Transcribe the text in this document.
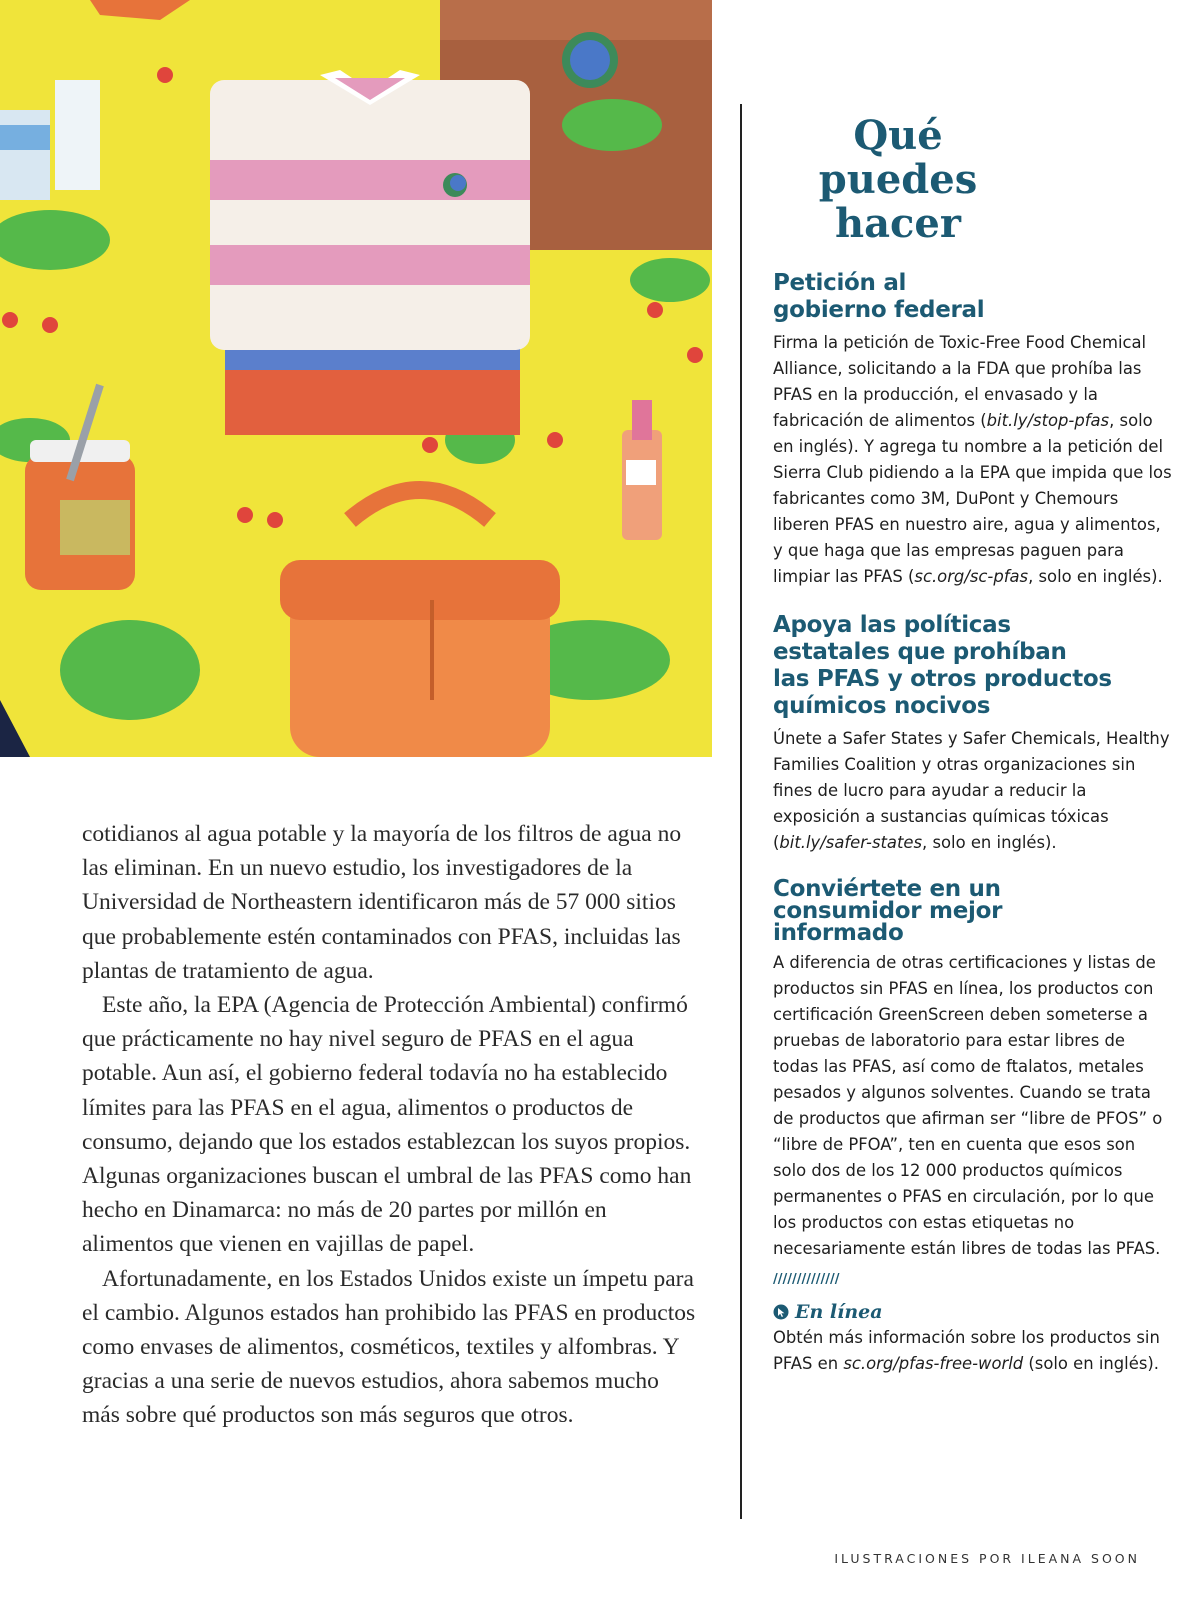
cotidianos al agua potable y la mayoría de los filtros de agua no las eliminan. En un nuevo estudio, los investigadores de la Universidad de Northeastern identificaron más de 57 000 sitios que probablemente estén contaminados con PFAS, incluidas las plantas de tratamiento de agua.

Este año, la EPA (Agencia de Protección Ambiental) confirmó que prácticamente no hay nivel seguro de PFAS en el agua potable. Aun así, el gobierno federal todavía no ha establecido límites para las PFAS en el agua, alimentos o productos de consumo, dejando que los estados establezcan los suyos propios. Algunas organizaciones buscan el umbral de las PFAS como han hecho en Dinamarca: no más de 20 partes por millón en alimentos que vienen en vajillas de papel.

Afortunadamente, en los Estados Unidos existe un ímpetu para el cambio. Algunos estados han prohibido las PFAS en productos como envases de alimentos, cosméticos, textiles y alfombras. Y gracias a una serie de nuevos estudios, ahora sabemos mucho más sobre qué productos son más seguros que otros.

Qué puedes
hacer
Petición al
gobierno federal

Firma la petición de Toxic-Free Food Chemical Alliance, solicitando a la FDA que prohíba las PFAS en la producción, el envasado y la fabricación de alimentos (bit.ly/stop-pfas, solo en inglés). Y agrega tu nombre a la petición del Sierra Club pidiendo a la EPA que impida que los fabricantes como 3M, DuPont y Chemours liberen PFAS en nuestro aire, agua y alimentos, y que haga que las empresas paguen para limpiar las PFAS (sc.org/sc-pfas, solo en inglés).

Apoya las políticas
estatales que prohíban
las PFAS y otros productos
químicos nocivos

Únete a Safer States y Safer Chemicals, Healthy Families Coalition y otras organizaciones sin fines de lucro para ayudar a reducir la exposición a sustancias químicas tóxicas (bit.ly/safer-states, solo en inglés).

Conviértete en un
consumidor mejor
informado

A diferencia de otras certificaciones y listas de productos sin PFAS en línea, los productos con certificación GreenScreen deben someterse a pruebas de laboratorio para estar libres de todas las PFAS, así como de ftalatos, metales pesados y algunos solventes. Cuando se trata de productos que afirman ser “libre de PFOS” o “libre de PFOA”, ten en cuenta que esos son solo dos de los 12 000 productos químicos permanentes o PFAS en circulación, por lo que los productos con estas etiquetas no necesariamente están libres de todas las PFAS.

//////////////
En línea

Obtén más información sobre los productos sin PFAS en sc.org/pfas-free-world (solo en inglés).

ILUSTRACIONES POR ILEANA SOON
